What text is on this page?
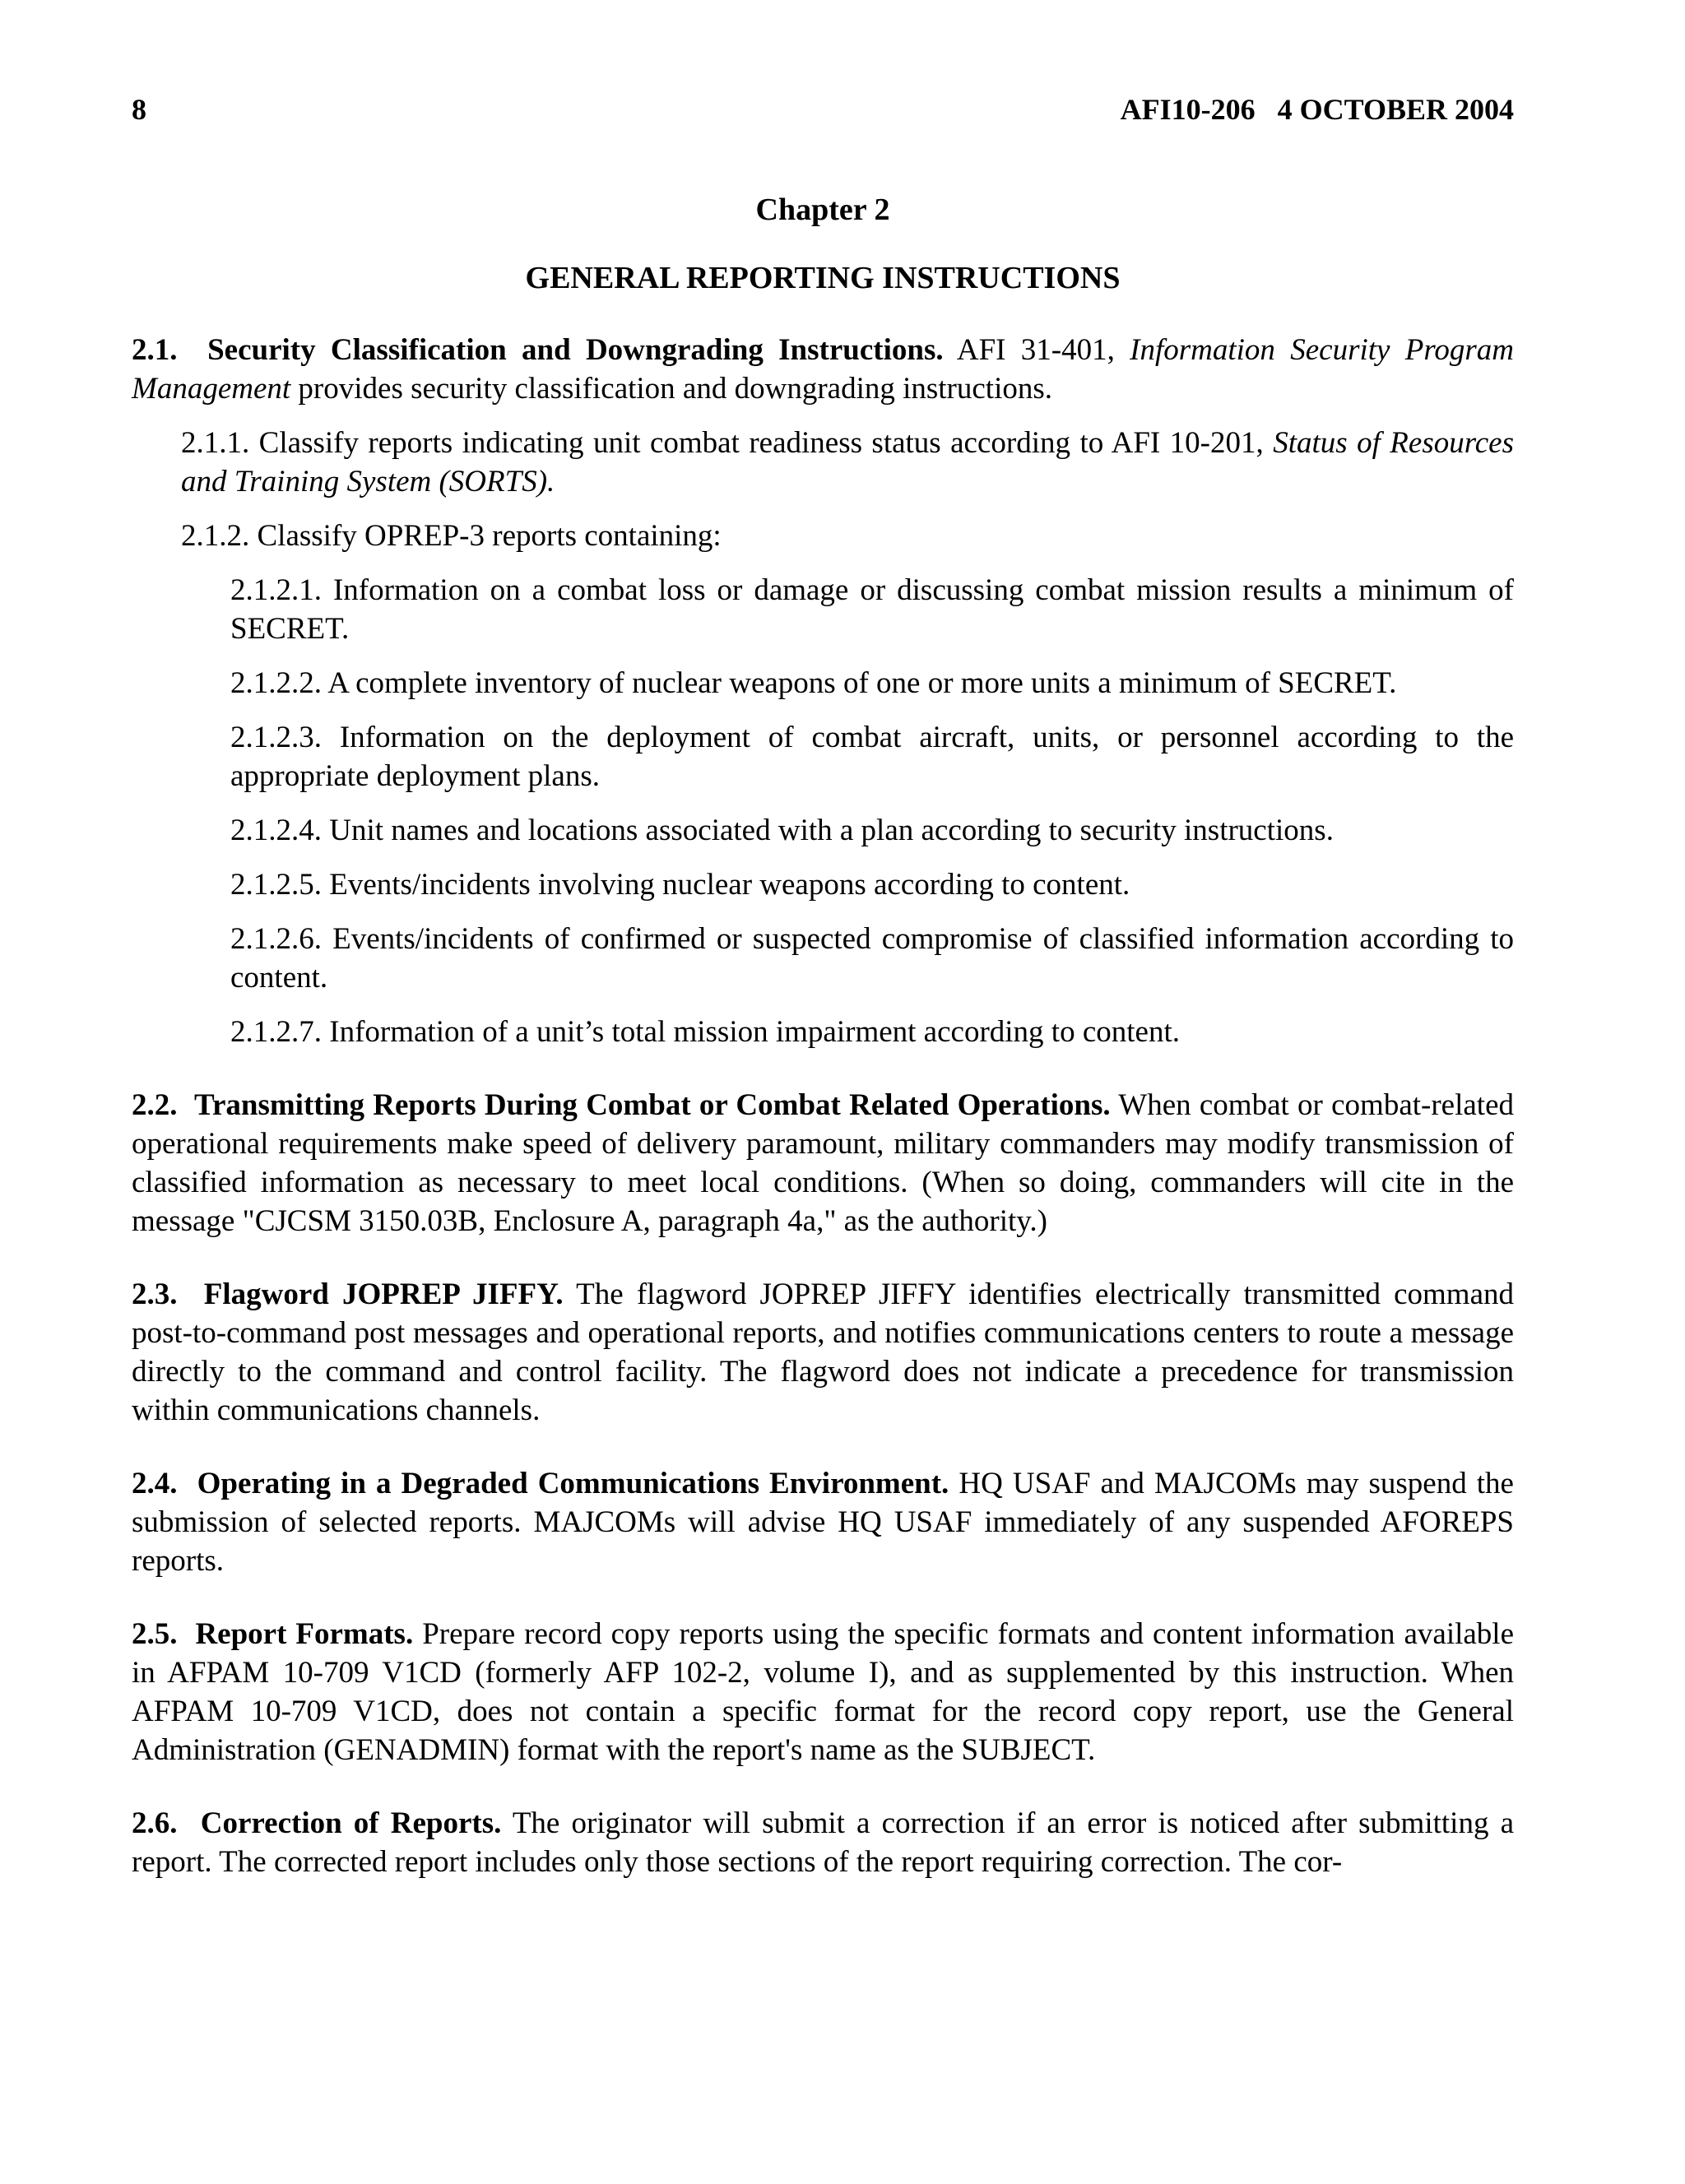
8	AFI10-206   4 OCTOBER 2004
Chapter 2
GENERAL REPORTING INSTRUCTIONS

2.1. Security Classification and Downgrading Instructions. AFI 31-401, Information Security Program Management provides security classification and downgrading instructions.

2.1.1. Classify reports indicating unit combat readiness status according to AFI 10-201, Status of Resources and Training System (SORTS).

2.1.2. Classify OPREP-3 reports containing:

2.1.2.1. Information on a combat loss or damage or discussing combat mission results a minimum of SECRET.

2.1.2.2. A complete inventory of nuclear weapons of one or more units a minimum of SECRET.

2.1.2.3. Information on the deployment of combat aircraft, units, or personnel according to the appropriate deployment plans.

2.1.2.4. Unit names and locations associated with a plan according to security instructions.

2.1.2.5. Events/incidents involving nuclear weapons according to content.

2.1.2.6. Events/incidents of confirmed or suspected compromise of classified information according to content.

2.1.2.7. Information of a unit’s total mission impairment according to content.

2.2. Transmitting Reports During Combat or Combat Related Operations. When combat or combat-related operational requirements make speed of delivery paramount, military commanders may modify transmission of classified information as necessary to meet local conditions. (When so doing, commanders will cite in the message "CJCSM 3150.03B, Enclosure A, paragraph 4a," as the authority.)

2.3. Flagword JOPREP JIFFY. The flagword JOPREP JIFFY identifies electrically transmitted command post-to-command post messages and operational reports, and notifies communications centers to route a message directly to the command and control facility. The flagword does not indicate a precedence for transmission within communications channels.

2.4. Operating in a Degraded Communications Environment. HQ USAF and MAJCOMs may suspend the submission of selected reports. MAJCOMs will advise HQ USAF immediately of any suspended AFOREPS reports.

2.5. Report Formats. Prepare record copy reports using the specific formats and content information available in AFPAM 10-709 V1CD (formerly AFP 102-2, volume I), and as supplemented by this instruction. When AFPAM 10-709 V1CD, does not contain a specific format for the record copy report, use the General Administration (GENADMIN) format with the report's name as the SUBJECT.

2.6. Correction of Reports. The originator will submit a correction if an error is noticed after submitting a report. The corrected report includes only those sections of the report requiring correction. The cor-
